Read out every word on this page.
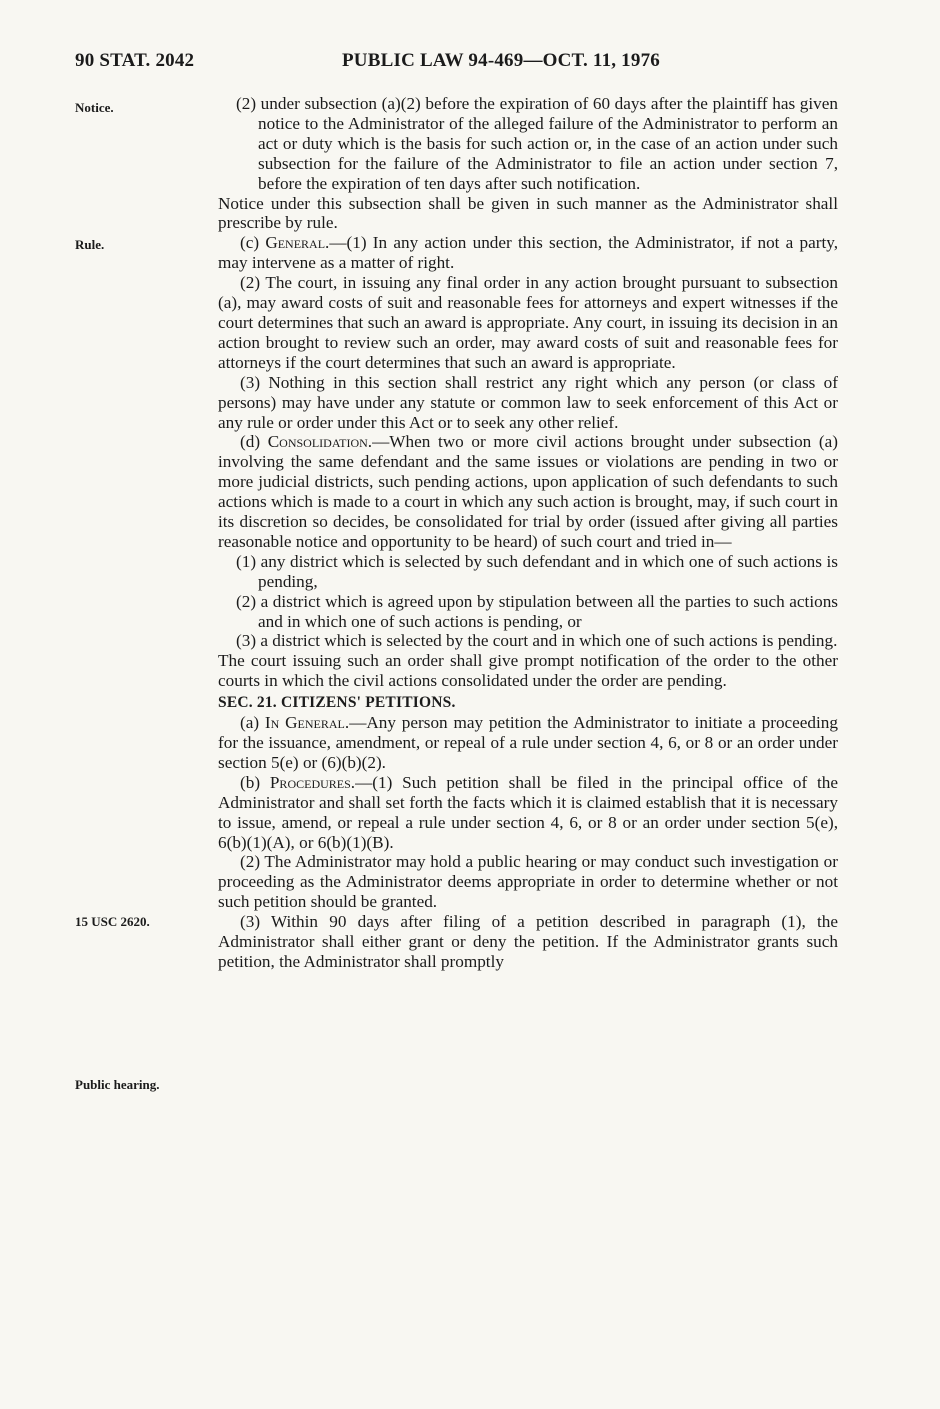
90 STAT. 2042	PUBLIC LAW 94-469—OCT. 11, 1976
Notice.
Rule.
15 USC 2620.
Public hearing.

(2) under subsection (a)(2) before the expiration of 60 days after the plaintiff has given notice to the Administrator of the alleged failure of the Administrator to perform an act or duty which is the basis for such action or, in the case of an action under such subsection for the failure of the Administrator to file an action under section 7, before the expiration of ten days after such notification.

Notice under this subsection shall be given in such manner as the Administrator shall prescribe by rule.

(c) General.—(1) In any action under this section, the Administrator, if not a party, may intervene as a matter of right.

(2) The court, in issuing any final order in any action brought pursuant to subsection (a), may award costs of suit and reasonable fees for attorneys and expert witnesses if the court determines that such an award is appropriate. Any court, in issuing its decision in an action brought to review such an order, may award costs of suit and reasonable fees for attorneys if the court determines that such an award is appropriate.

(3) Nothing in this section shall restrict any right which any person (or class of persons) may have under any statute or common law to seek enforcement of this Act or any rule or order under this Act or to seek any other relief.

(d) Consolidation.—When two or more civil actions brought under subsection (a) involving the same defendant and the same issues or violations are pending in two or more judicial districts, such pending actions, upon application of such defendants to such actions which is made to a court in which any such action is brought, may, if such court in its discretion so decides, be consolidated for trial by order (issued after giving all parties reasonable notice and opportunity to be heard) of such court and tried in—

(1) any district which is selected by such defendant and in which one of such actions is pending,

(2) a district which is agreed upon by stipulation between all the parties to such actions and in which one of such actions is pending, or

(3) a district which is selected by the court and in which one of such actions is pending.

The court issuing such an order shall give prompt notification of the order to the other courts in which the civil actions consolidated under the order are pending.

SEC. 21. CITIZENS' PETITIONS.

(a) In General.—Any person may petition the Administrator to initiate a proceeding for the issuance, amendment, or repeal of a rule under section 4, 6, or 8 or an order under section 5(e) or (6)(b)(2).

(b) Procedures.—(1) Such petition shall be filed in the principal office of the Administrator and shall set forth the facts which it is claimed establish that it is necessary to issue, amend, or repeal a rule under section 4, 6, or 8 or an order under section 5(e), 6(b)(1)(A), or 6(b)(1)(B).

(2) The Administrator may hold a public hearing or may conduct such investigation or proceeding as the Administrator deems appropriate in order to determine whether or not such petition should be granted.

(3) Within 90 days after filing of a petition described in paragraph (1), the Administrator shall either grant or deny the petition. If the Administrator grants such petition, the Administrator shall promptly
